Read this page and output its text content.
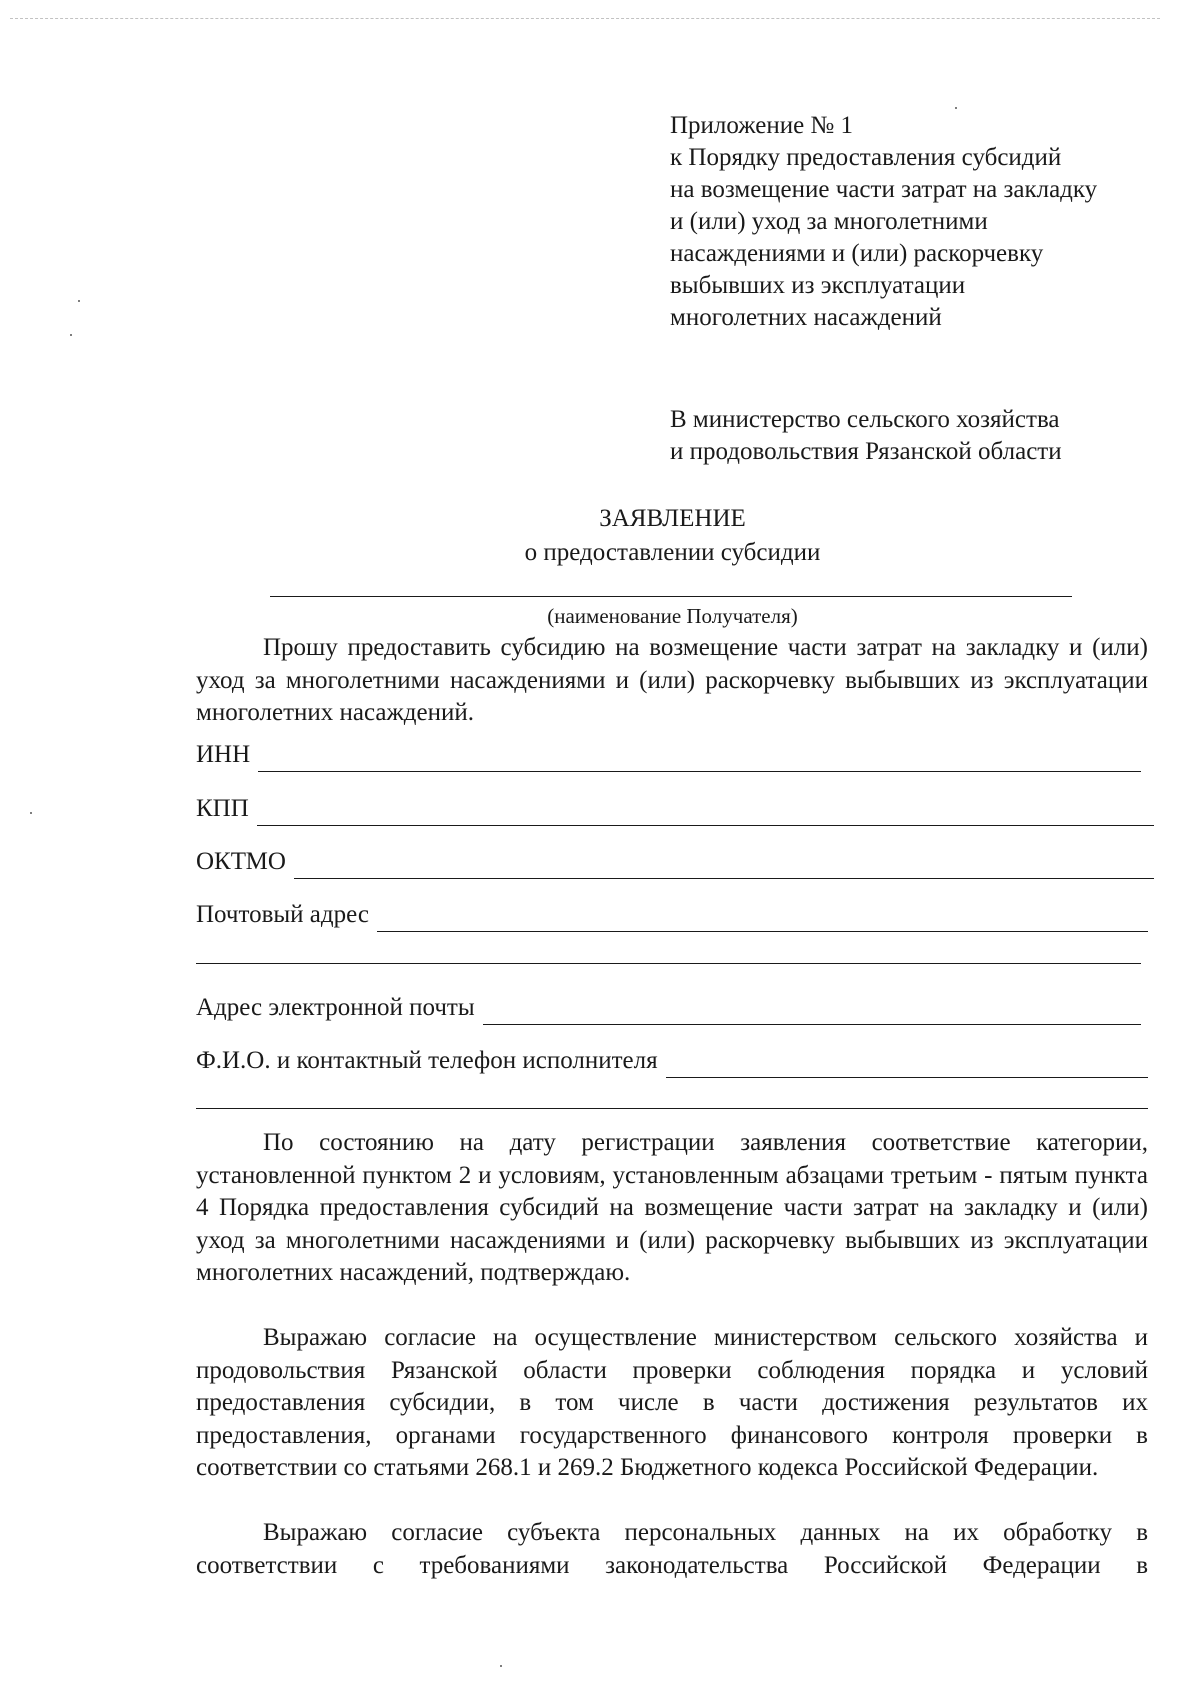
Приложение № 1
к Порядку предоставления субсидий
на возмещение части затрат на закладку
и (или) уход за многолетними
насаждениями и (или) раскорчевку
выбывших из эксплуатации
многолетних насаждений
В министерство сельского хозяйства
и продовольствия Рязанской области
ЗАЯВЛЕНИЕ
о предоставлении субсидии
(наименование Получателя)

Прошу предоставить субсидию на возмещение части затрат на закладку и (или) уход за многолетними насаждениями и (или) раскорчевку выбывших из эксплуатации многолетних насаждений.

ИНН
КПП
ОКТМО
Почтовый адрес
Адрес электронной почты
Ф.И.О. и контактный телефон исполнителя

По состоянию на дату регистрации заявления соответствие категории, установленной пунктом 2 и условиям, установленным абзацами третьим - пятым пункта 4 Порядка предоставления субсидий на возмещение части затрат на закладку и (или) уход за многолетними насаждениями и (или) раскорчевку выбывших из эксплуатации многолетних насаждений, подтверждаю.

Выражаю согласие на осуществление министерством сельского хозяйства и продовольствия Рязанской области проверки соблюдения порядка и условий предоставления субсидии, в том числе в части достижения результатов их предоставления, органами государственного финансового контроля проверки в соответствии со статьями 268.1 и 269.2 Бюджетного кодекса Российской Федерации.

Выражаю согласие субъекта персональных данных на их обработку в соответствии с требованиями законодательства Российской Федерации в
